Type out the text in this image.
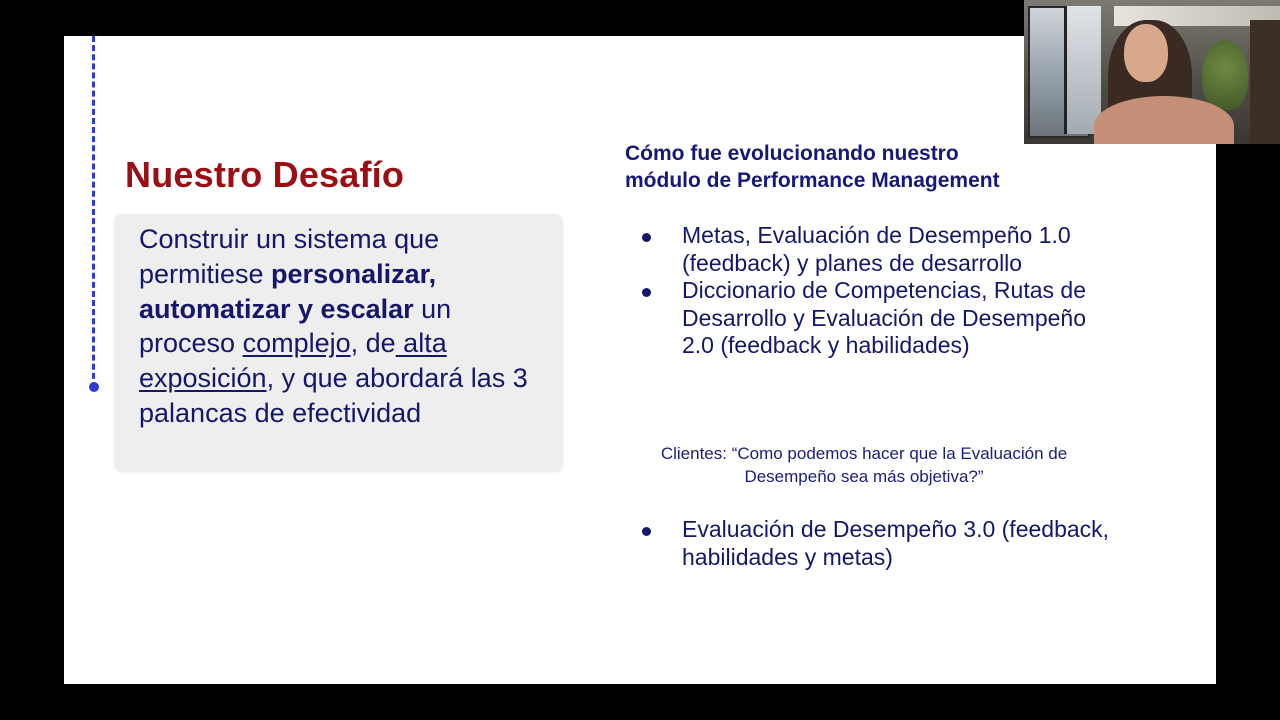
Nuestro Desafío
Construir un sistema que permitiese personalizar, automatizar y escalar un proceso complejo, de alta exposición, y que abordará las 3 palancas de efectividad
Cómo fue evolucionando nuestro
módulo de Performance Management
Metas, Evaluación de Desempeño 1.0 (feedback) y planes de desarrollo
Diccionario de Competencias, Rutas de Desarrollo y Evaluación de Desempeño 2.0 (feedback y habilidades)
Clientes: “Como podemos hacer que la Evaluación de Desempeño sea más objetiva?”
Evaluación de Desempeño 3.0 (feedback, habilidades y metas)
